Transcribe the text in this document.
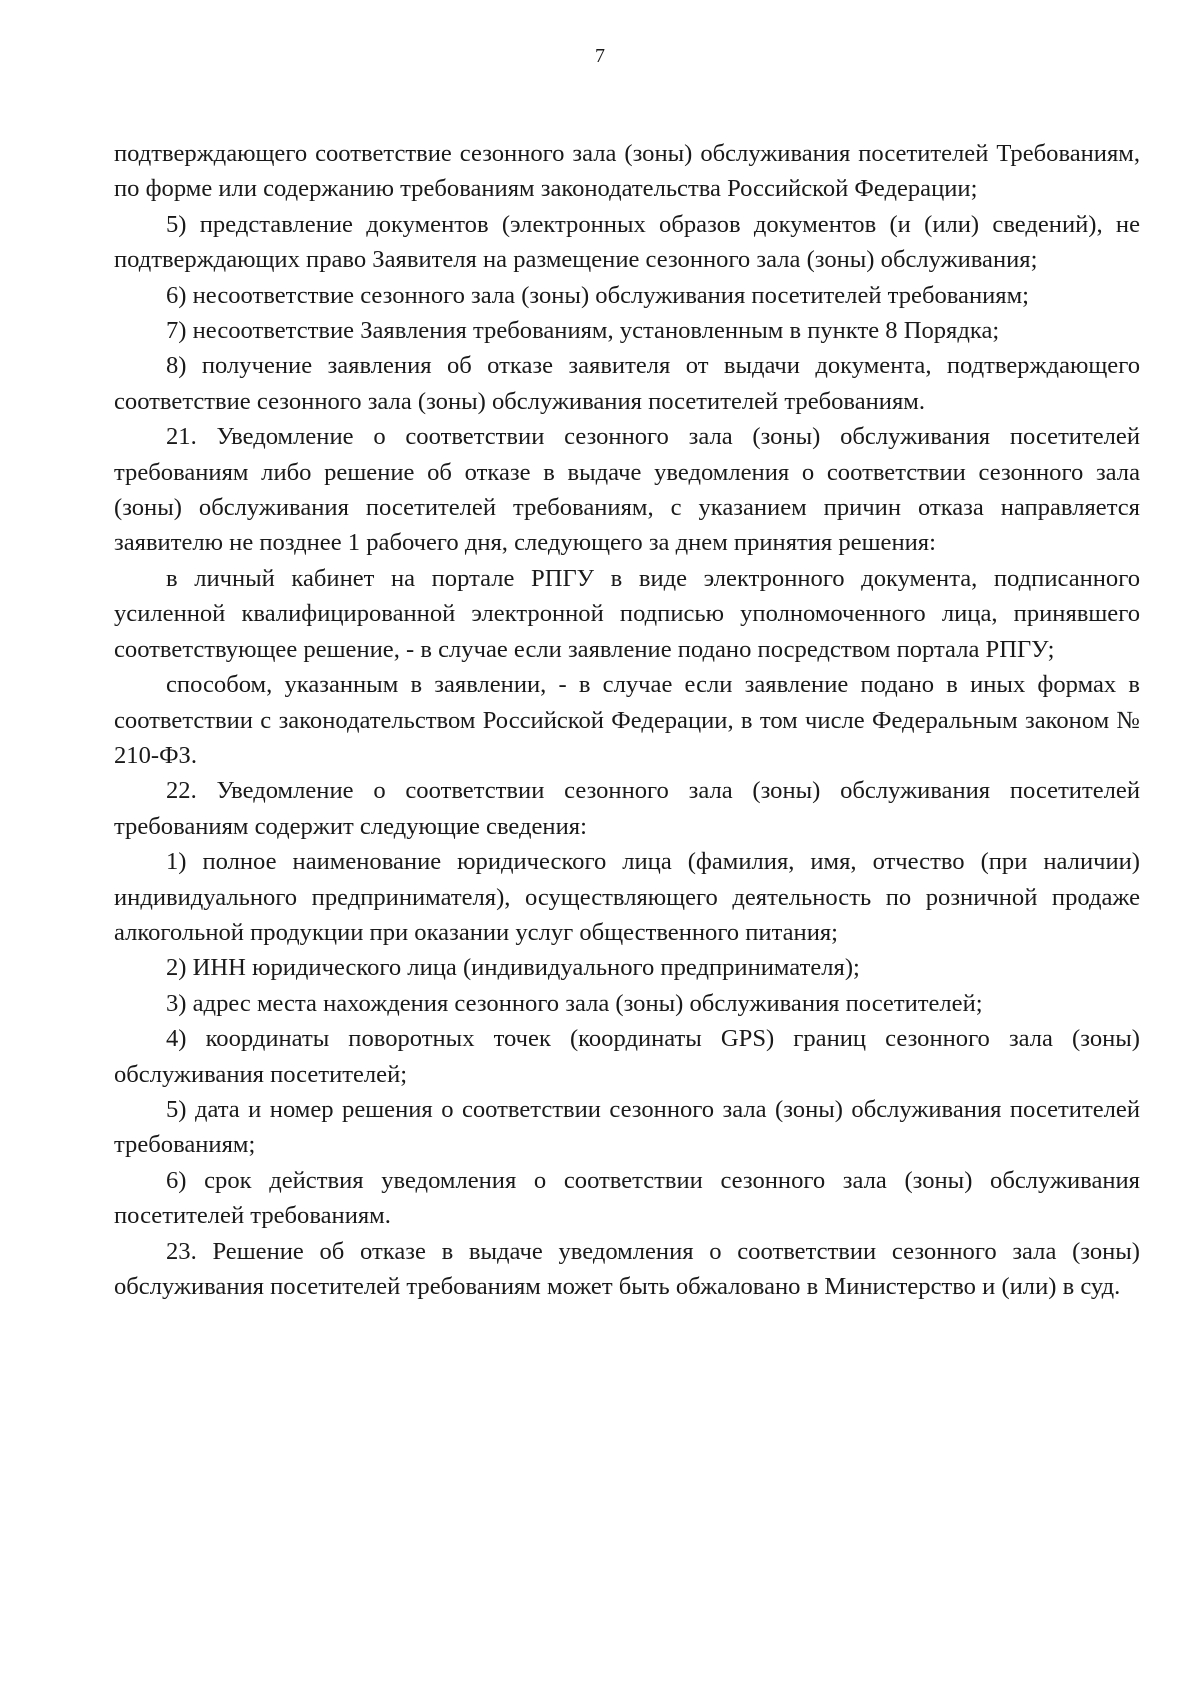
7

подтверждающего соответствие сезонного зала (зоны) обслуживания посетителей Требованиям, по форме или содержанию требованиям законодательства Российской Федерации;

5) представление документов (электронных образов документов (и (или) сведений), не подтверждающих право Заявителя на размещение сезонного зала (зоны) обслуживания;

6) несоответствие сезонного зала (зоны) обслуживания посетителей требованиям;

7) несоответствие Заявления требованиям, установленным в пункте 8 Порядка;

8) получение заявления об отказе заявителя от выдачи документа, подтверждающего соответствие сезонного зала (зоны) обслуживания посетителей требованиям.

21. Уведомление о соответствии сезонного зала (зоны) обслуживания посетителей требованиям либо решение об отказе в выдаче уведомления о соответствии сезонного зала (зоны) обслуживания посетителей требованиям, с указанием причин отказа направляется заявителю не позднее 1 рабочего дня, следующего за днем принятия решения:

в личный кабинет на портале РПГУ в виде электронного документа, подписанного усиленной квалифицированной электронной подписью уполномоченного лица, принявшего соответствующее решение, - в случае если заявление подано посредством портала РПГУ;

способом, указанным в заявлении, - в случае если заявление подано в иных формах в соответствии с законодательством Российской Федерации, в том числе Федеральным законом № 210-ФЗ.

22. Уведомление о соответствии сезонного зала (зоны) обслуживания посетителей требованиям содержит следующие сведения:

1) полное наименование юридического лица (фамилия, имя, отчество (при наличии) индивидуального предпринимателя), осуществляющего деятельность по розничной продаже алкогольной продукции при оказании услуг общественного питания;

2) ИНН юридического лица (индивидуального предпринимателя);

3) адрес места нахождения сезонного зала (зоны) обслуживания посетителей;

4) координаты поворотных точек (координаты GPS) границ сезонного зала (зоны) обслуживания посетителей;

5) дата и номер решения о соответствии сезонного зала (зоны) обслуживания посетителей требованиям;

6) срок действия уведомления о соответствии сезонного зала (зоны) обслуживания посетителей требованиям.

23. Решение об отказе в выдаче уведомления о соответствии сезонного зала (зоны) обслуживания посетителей требованиям может быть обжаловано в Министерство и (или) в суд.
